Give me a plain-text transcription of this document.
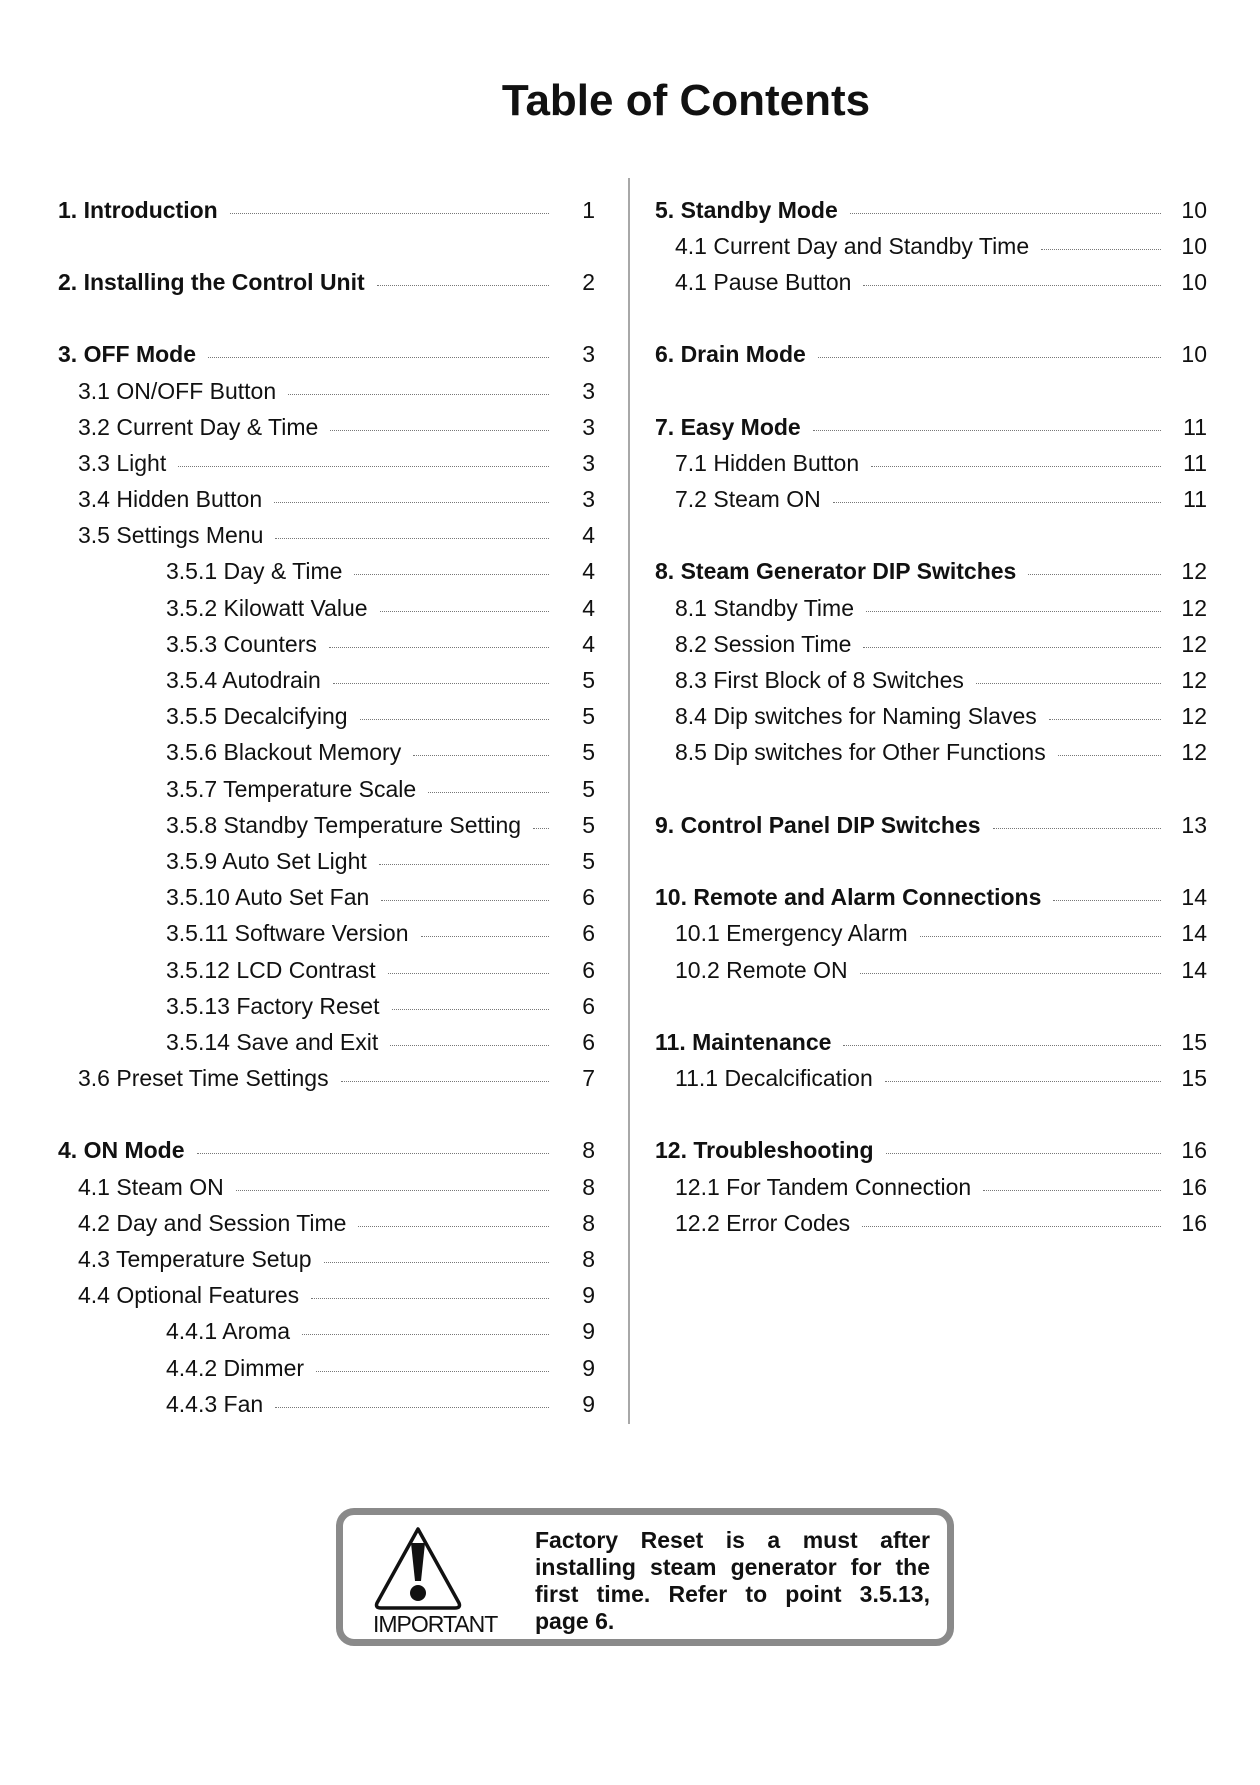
Table of Contents
1. Introduction	1
2. Installing the Control Unit	2
3. OFF Mode	3
3.1 ON/OFF Button	3
3.2 Current Day & Time	3
3.3 Light	3
3.4 Hidden Button	3
3.5 Settings Menu	4
3.5.1 Day & Time	4
3.5.2 Kilowatt Value	4
3.5.3 Counters	4
3.5.4 Autodrain	5
3.5.5 Decalcifying	5
3.5.6 Blackout Memory	5
3.5.7 Temperature Scale	5
3.5.8 Standby Temperature Setting	5
3.5.9 Auto Set Light	5
3.5.10 Auto Set Fan	6
3.5.11 Software Version	6
3.5.12 LCD Contrast	6
3.5.13 Factory Reset	6
3.5.14 Save and Exit	6
3.6 Preset Time Settings	7
4. ON Mode	8
4.1 Steam ON	8
4.2 Day and Session Time	8
4.3 Temperature Setup	8
4.4 Optional Features	9
4.4.1 Aroma	9
4.4.2 Dimmer	9
4.4.3 Fan	9
5. Standby Mode	10
4.1 Current Day and Standby Time	10
4.1 Pause Button	10
6. Drain Mode	10
7. Easy Mode	11
7.1 Hidden Button	11
7.2 Steam ON	11
8. Steam Generator DIP Switches	12
8.1 Standby Time	12
8.2 Session Time	12
8.3 First Block of 8 Switches	12
8.4 Dip switches for Naming Slaves	12
8.5 Dip switches for Other Functions	12
9. Control Panel DIP Switches	13
10. Remote and Alarm Connections	14
10.1 Emergency Alarm	14
10.2 Remote ON	14
11. Maintenance	15
11.1 Decalcification	15
12. Troubleshooting	16
12.1 For Tandem Connection	16
12.2 Error Codes	16
IMPORTANT
Factory Reset is a must after installing steam generator for the first time. Refer to point 3.5.13, page 6.
